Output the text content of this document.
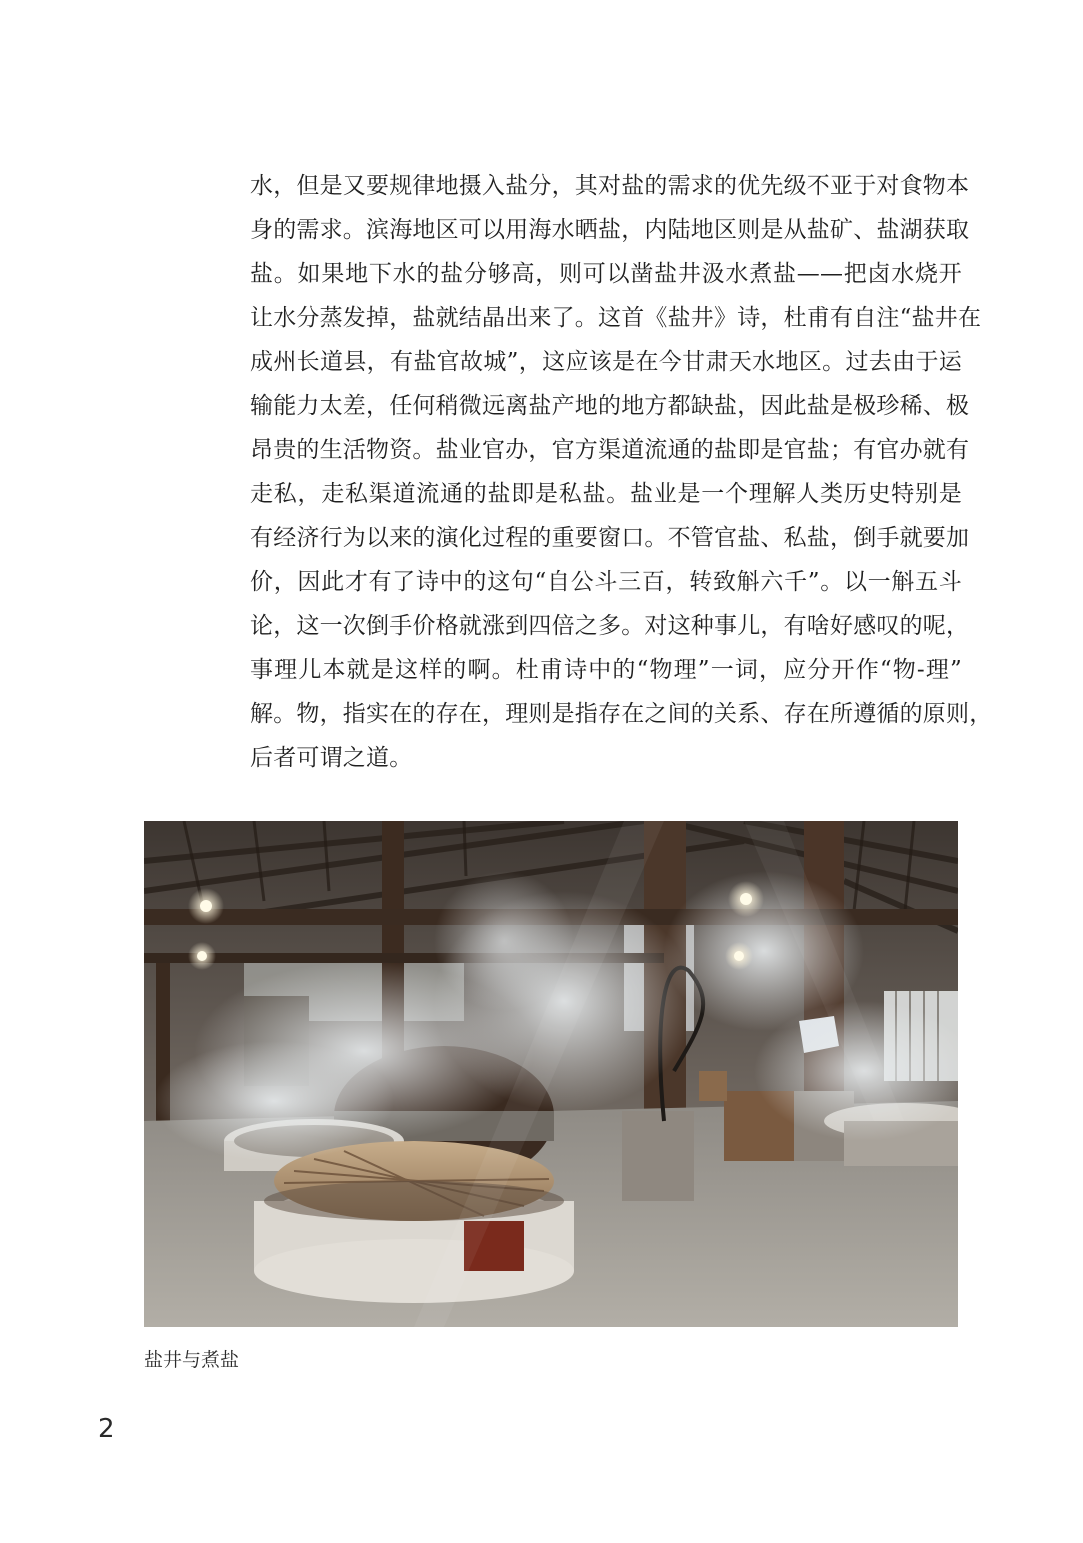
水，但是又要规律地摄入盐分，其对盐的需求的优先级不亚于对食物本
身的需求。滨海地区可以用海水晒盐，内陆地区则是从盐矿、盐湖获取
盐。如果地下水的盐分够高，则可以凿盐井汲水煮盐——把卤水烧开
让水分蒸发掉，盐就结晶出来了。这首《盐井》诗，杜甫有自注“盐井在
成州长道县，有盐官故城”，这应该是在今甘肃天水地区。过去由于运
输能力太差，任何稍微远离盐产地的地方都缺盐，因此盐是极珍稀、极
昂贵的生活物资。盐业官办，官方渠道流通的盐即是官盐；有官办就有
走私，走私渠道流通的盐即是私盐。盐业是一个理解人类历史特别是
有经济行为以来的演化过程的重要窗口。不管官盐、私盐，倒手就要加
价，因此才有了诗中的这句“自公斗三百，转致斛六千”。以一斛五斗
论，这一次倒手价格就涨到四倍之多。对这种事儿，有啥好感叹的呢，
事理儿本就是这样的啊。杜甫诗中的“物理”一词，应分开作“物-理”
解。物，指实在的存在，理则是指存在之间的关系、存在所遵循的原则，
后者可谓之道。

盐井与煮盐

2
